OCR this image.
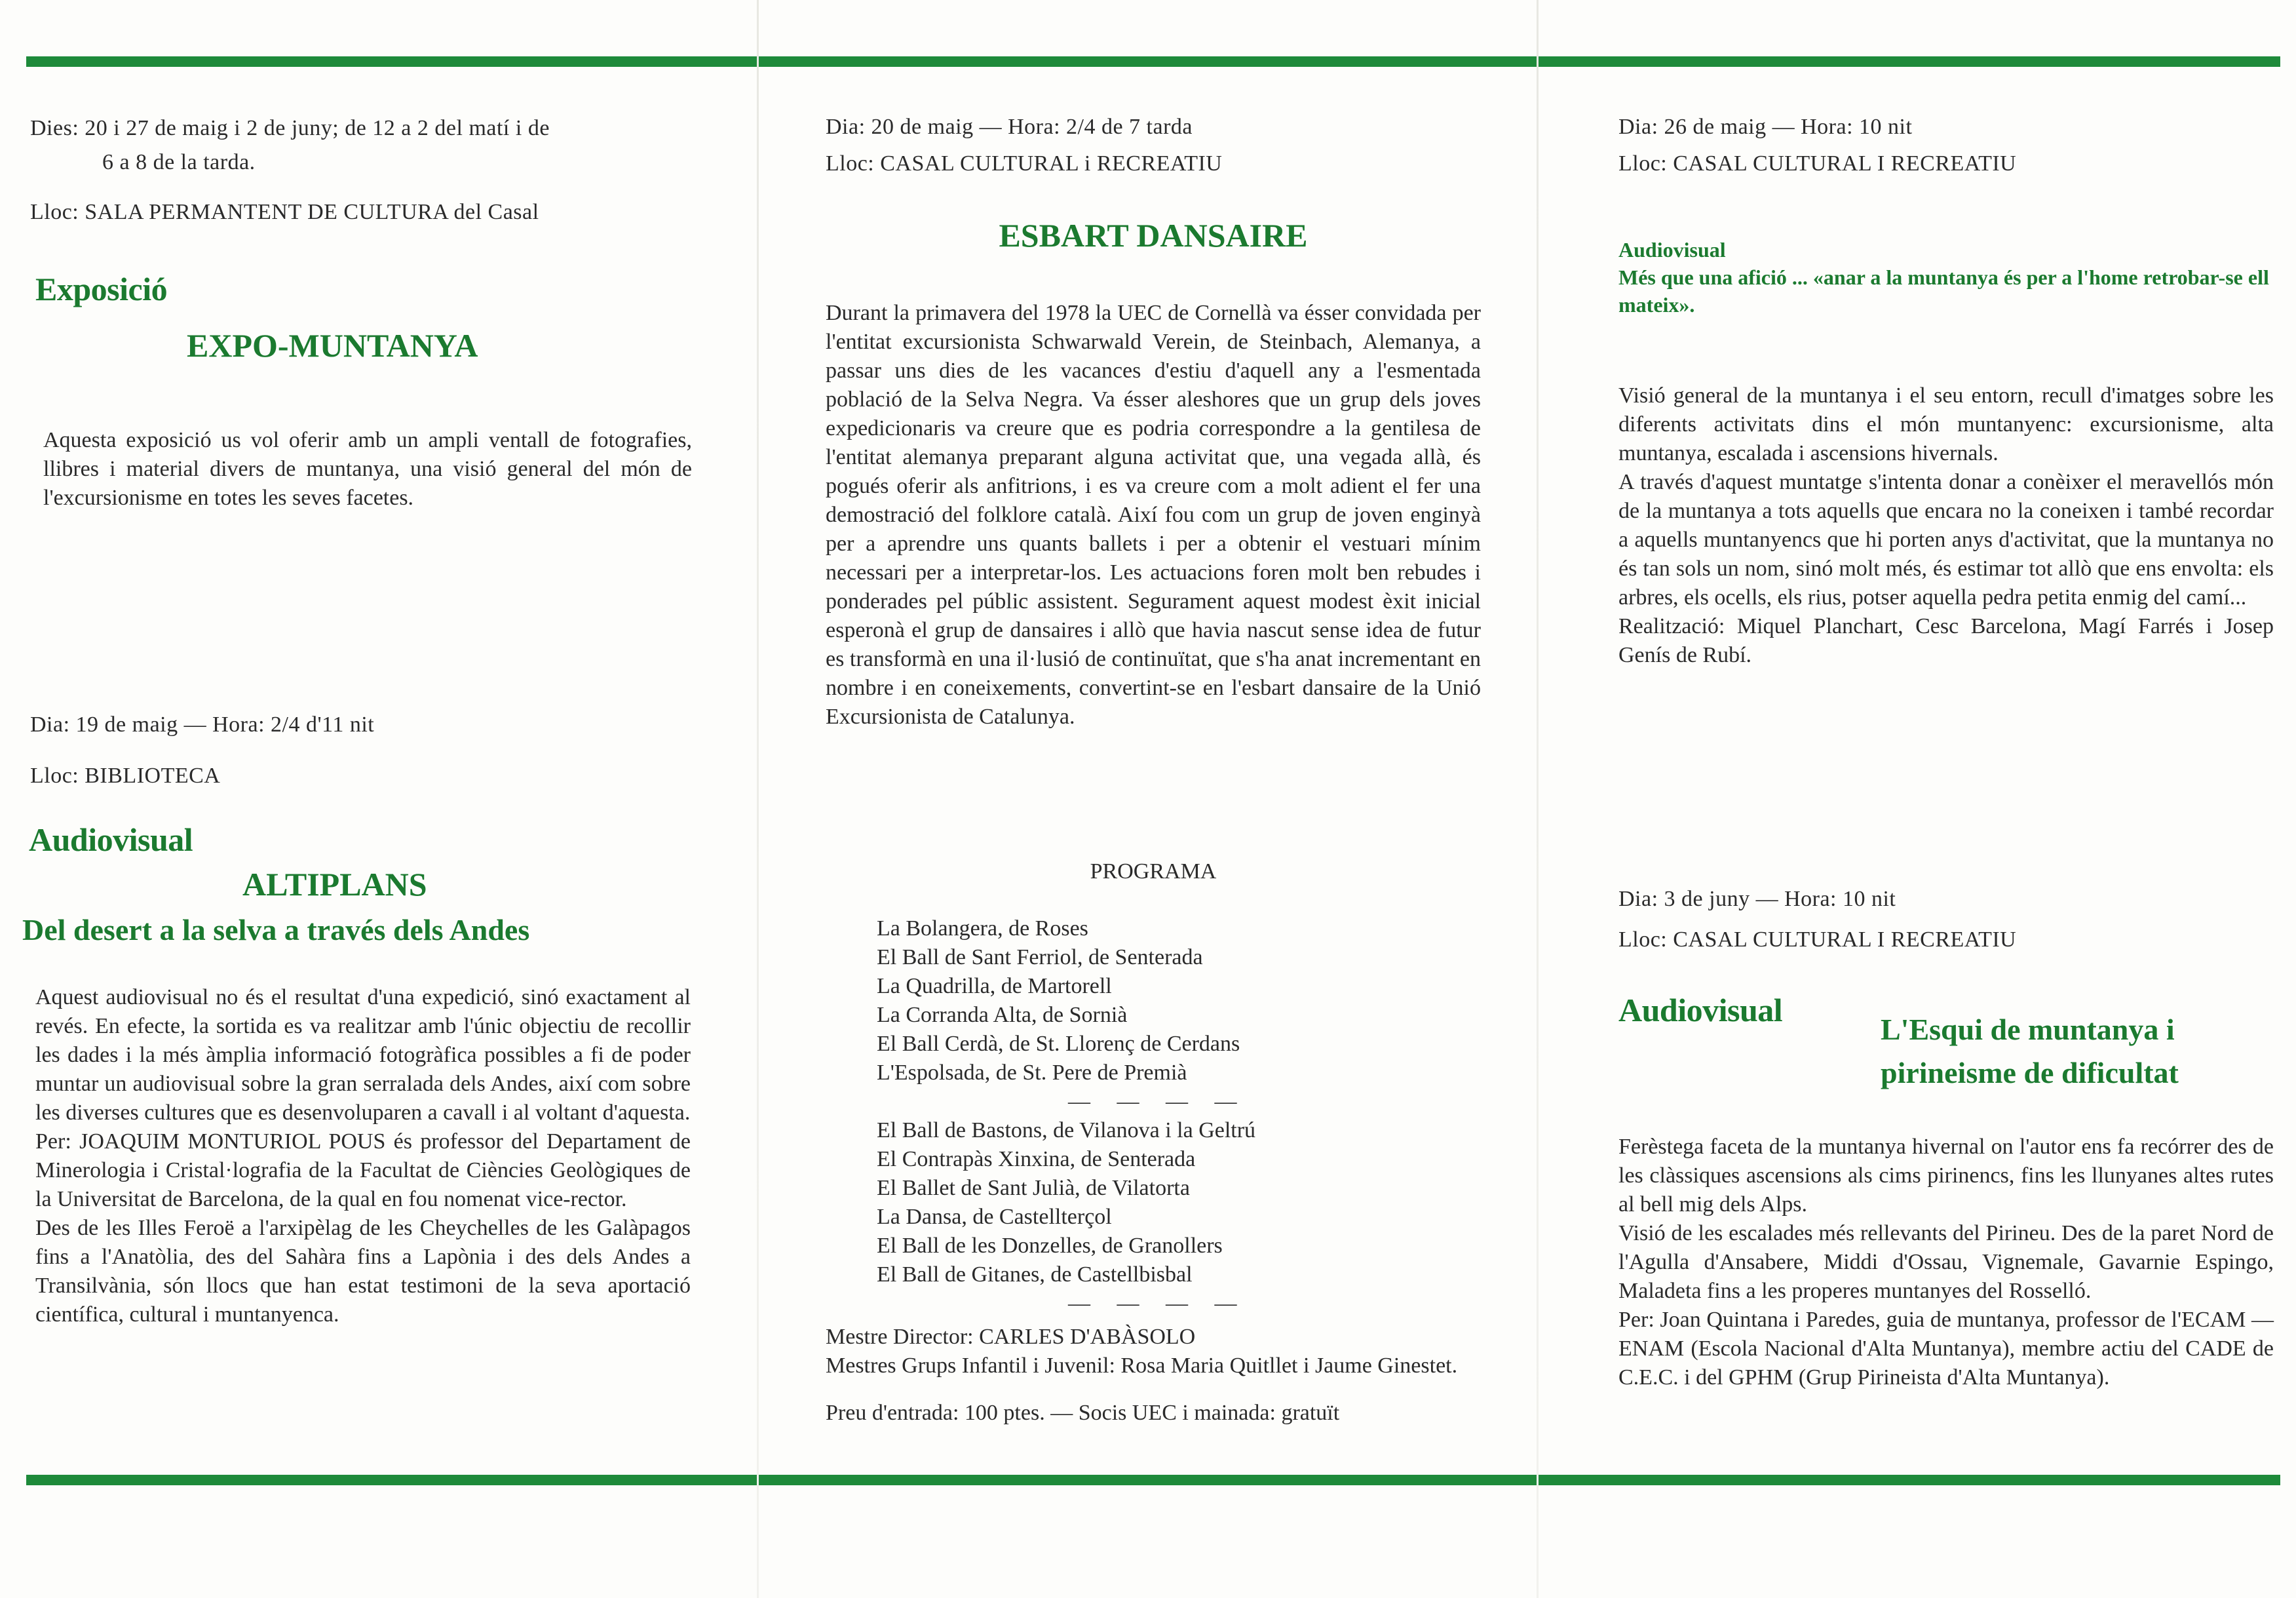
Dies: 20 i 27 de maig i 2 de juny; de 12 a 2 del matí i de

6 a 8 de la tarda.

Lloc: SALA PERMANTENT DE CULTURA del Casal

Exposició
EXPO-MUNTANYA

Aquesta exposició us vol oferir amb un ampli ventall de fotografies, llibres i material divers de muntanya, una visió general del món de l'excursionisme en totes les seves facetes.

Dia: 19 de maig — Hora: 2/4 d'11 nit

Lloc: BIBLIOTECA

Audiovisual
ALTIPLANS
Del desert a la selva a través dels Andes

Aquest audiovisual no és el resultat d'una expedició, sinó exactament al revés. En efecte, la sortida es va realitzar amb l'únic objectiu de recollir les dades i la més àmplia informació fotogràfica possibles a fi de poder muntar un audiovisual sobre la gran serralada dels Andes, així com sobre les diverses cultures que es desenvoluparen a cavall i al voltant d'aquesta.

Per: JOAQUIM MONTURIOL POUS és professor del Departament de Minerologia i Cristal·lografia de la Facultat de Ciències Geològiques de la Universitat de Barcelona, de la qual en fou nomenat vice-rector.

Des de les Illes Feroë a l'arxipèlag de les Cheychelles de les Galàpagos fins a l'Anatòlia, des del Sahàra fins a Lapònia i des dels Andes a Transilvània, són llocs que han estat testimoni de la seva aportació científica, cultural i muntanyenca.

Dia: 20 de maig — Hora: 2/4 de 7 tarda

Lloc: CASAL CULTURAL i RECREATIU

ESBART DANSAIRE

Durant la primavera del 1978 la UEC de Cornellà va ésser convidada per l'entitat excursionista Schwarwald Verein, de Steinbach, Alemanya, a passar uns dies de les vacances d'estiu d'aquell any a l'esmentada població de la Selva Negra. Va ésser aleshores que un grup dels joves expedicionaris va creure que es podria correspondre a la gentilesa de l'entitat alemanya preparant alguna activitat que, una vegada allà, és pogués oferir als anfitrions, i es va creure com a molt adient el fer una demostració del folklore català. Així fou com un grup de joven enginyà per a aprendre uns quants ballets i per a obtenir el vestuari mínim necessari per a interpretar-los. Les actuacions foren molt ben rebudes i ponderades pel públic assistent. Segurament aquest modest èxit inicial esperonà el grup de dansaires i allò que havia nascut sense idea de futur es transformà en una il·lusió de continuïtat, que s'ha anat incrementant en nombre i en coneixements, convertint-se en l'esbart dansaire de la Unió Excursionista de Catalunya.

PROGRAMA

La Bolangera, de Roses

El Ball de Sant Ferriol, de Senterada

La Quadrilla, de Martorell

La Corranda Alta, de Sornià

El Ball Cerdà, de St. Llorenç de Cerdans

L'Espolsada, de St. Pere de Premià

— — — —

El Ball de Bastons, de Vilanova i la Geltrú

El Contrapàs Xinxina, de Senterada

El Ballet de Sant Julià, de Vilatorta

La Dansa, de Castellterçol

El Ball de les Donzelles, de Granollers

El Ball de Gitanes, de Castellbisbal

— — — —

Mestre Director: CARLES D'ABÀSOLO

Mestres Grups Infantil i Juvenil: Rosa Maria Quitllet i Jaume Ginestet.

Preu d'entrada: 100 ptes. — Socis UEC i mainada: gratuït

Dia: 26 de maig — Hora: 10 nit

Lloc: CASAL CULTURAL I RECREATIU

Audiovisual

Més que una afició ... «anar a la muntanya és per a l'home retrobar-se ell mateix».

Visió general de la muntanya i el seu entorn, recull d'imatges sobre les diferents activitats dins el món muntanyenc: excursionisme, alta muntanya, escalada i ascensions hivernals.

A través d'aquest muntatge s'intenta donar a conèixer el meravellós món de la muntanya a tots aquells que encara no la coneixen i també recordar a aquells muntanyencs que hi porten anys d'activitat, que la muntanya no és tan sols un nom, sinó molt més, és estimar tot allò que ens envolta: els arbres, els ocells, els rius, potser aquella pedra petita enmig del camí...

Realització: Miquel Planchart, Cesc Barcelona, Magí Farrés i Josep Genís de Rubí.

Dia: 3 de juny — Hora: 10 nit

Lloc: CASAL CULTURAL I RECREATIU

Audiovisual

L'Esqui de muntanya i

pirineisme de dificultat

Ferèstega faceta de la muntanya hivernal on l'autor ens fa recórrer des de les clàssiques ascensions als cims pirinencs, fins les llunyanes altes rutes al bell mig dels Alps.

Visió de les escalades més rellevants del Pirineu. Des de la paret Nord de l'Agulla d'Ansabere, Middi d'Ossau, Vignemale, Gavarnie Espingo, Maladeta fins a les properes muntanyes del Rosselló.

Per: Joan Quintana i Paredes, guia de muntanya, professor de l'ECAM — ENAM (Escola Nacional d'Alta Muntanya), membre actiu del CADE de C.E.C. i del GPHM (Grup Pirineista d'Alta Muntanya).
